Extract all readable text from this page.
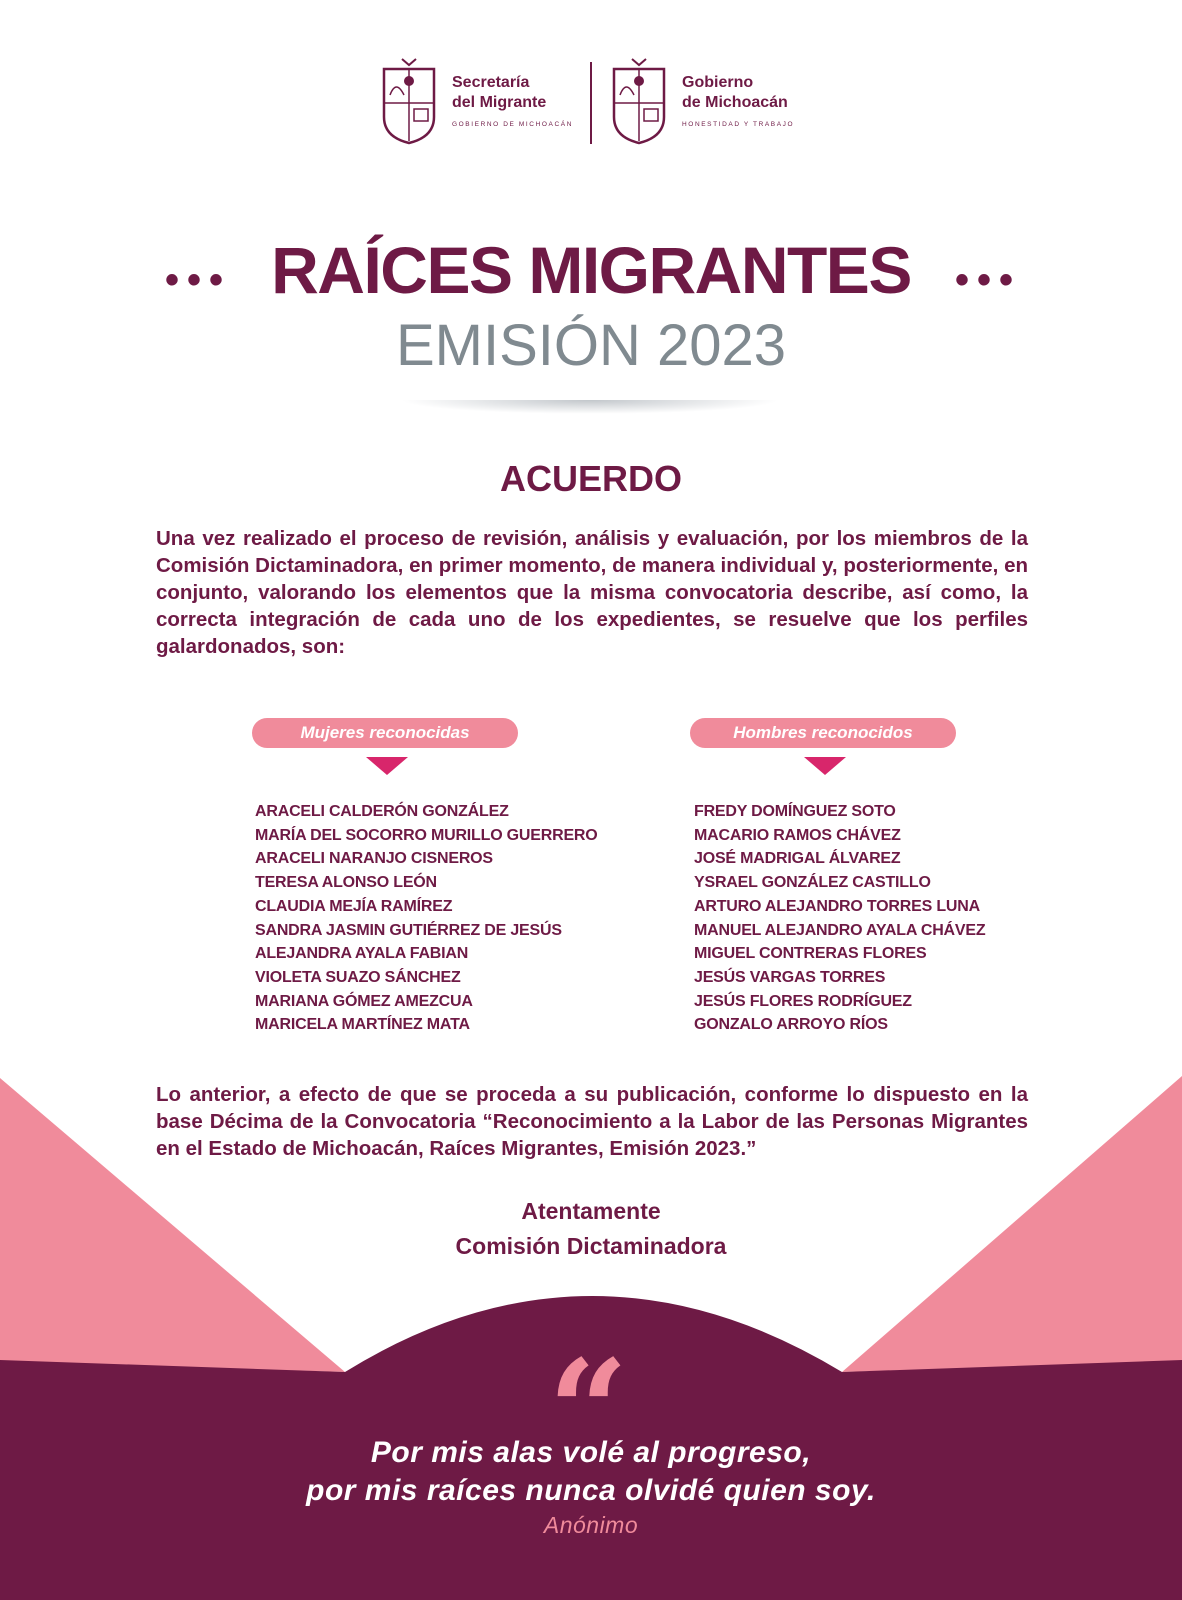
Secretaría
del Migrante
GOBIERNO DE MICHOACÁN
Gobierno
de Michoacán
HONESTIDAD Y TRABAJO
••• RAÍCES MIGRANTES	•••
EMISIÓN 2023
ACUERDO
Una vez realizado el proceso de revisión, análisis y evaluación, por los miembros de la Comisión Dictaminadora, en primer momento, de manera individual y, posteriormente, en conjunto, valorando los elementos que la misma convocatoria describe, así como, la correcta integración de cada uno de los expedientes, se resuelve que los perfiles galardonados, son:
Mujeres reconocidas
ARACELI CALDERÓN GONZÁLEZ
MARÍA DEL SOCORRO MURILLO GUERRERO
ARACELI NARANJO CISNEROS
TERESA ALONSO LEÓN
CLAUDIA MEJÍA RAMÍREZ
SANDRA JASMIN GUTIÉRREZ DE JESÚS
ALEJANDRA AYALA FABIAN
VIOLETA SUAZO SÁNCHEZ
MARIANA GÓMEZ AMEZCUA
MARICELA MARTÍNEZ MATA
Hombres reconocidos
FREDY DOMÍNGUEZ SOTO
MACARIO RAMOS CHÁVEZ
JOSÉ MADRIGAL ÁLVAREZ
YSRAEL GONZÁLEZ CASTILLO
ARTURO ALEJANDRO TORRES LUNA
MANUEL ALEJANDRO AYALA CHÁVEZ
MIGUEL CONTRERAS FLORES
JESÚS VARGAS TORRES
JESÚS FLORES RODRÍGUEZ
GONZALO ARROYO RÍOS
Lo anterior, a efecto de que se proceda a su publicación, conforme lo dispuesto en la base Décima de la Convocatoria “Reconocimiento a la Labor de las Personas Migrantes en el Estado de Michoacán, Raíces Migrantes, Emisión 2023.”
Atentamente
Comisión Dictaminadora
“
Por mis alas volé al progreso,
por mis raíces nunca olvidé quien soy.
Anónimo
